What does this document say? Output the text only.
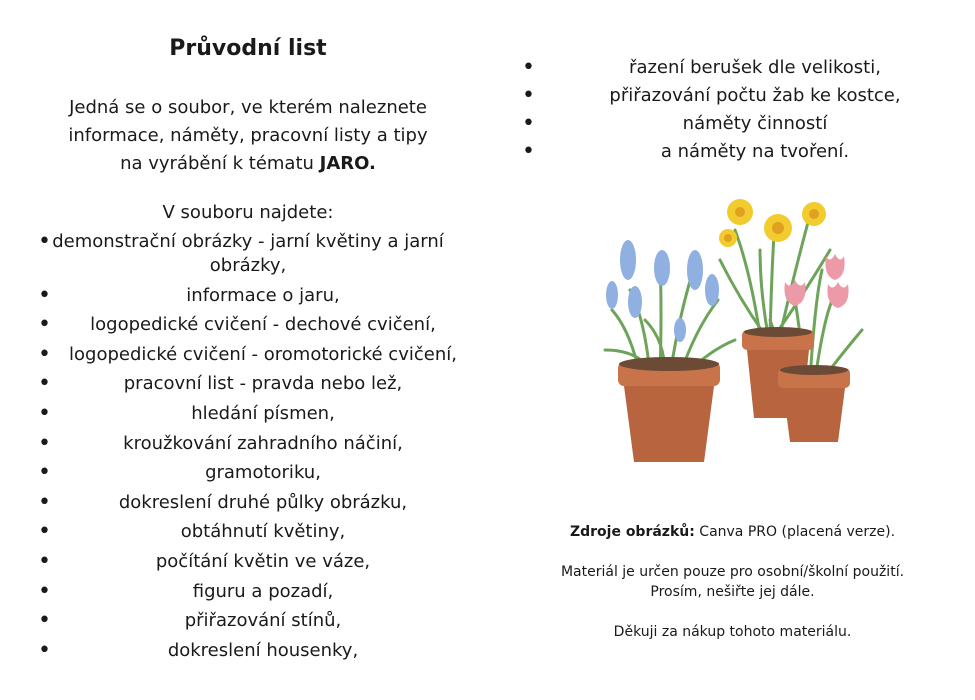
Průvodní list
Jedná se o soubor, ve kterém naleznete
informace, náměty, pracovní listy a tipy
na vyrábění k tématu JARO.
V souboru najdete:
• demonstrační obrázky - jarní květiny a jarní obrázky,
• informace o jaru,
• logopedické cvičení - dechové cvičení,
• logopedické cvičení - oromotorické cvičení,
• pracovní list - pravda nebo lež,
• hledání písmen,
• kroužkování zahradního náčiní,
• gramotoriku,
• dokreslení druhé půlky obrázku,
• obtáhnutí květiny,
• počítání květin ve váze,
• figuru a pozadí,
• přiřazování stínů,
• dokreslení housenky,
• řazení berušek dle velikosti,
• přiřazování počtu žab ke kostce,
• náměty činností
• a náměty na tvoření.

Zdroje obrázků: Canva PRO (placená verze).

Materiál je určen pouze pro osobní/školní použití.

Prosím, nešiřte jej dále.

Děkuji za nákup tohoto materiálu.
